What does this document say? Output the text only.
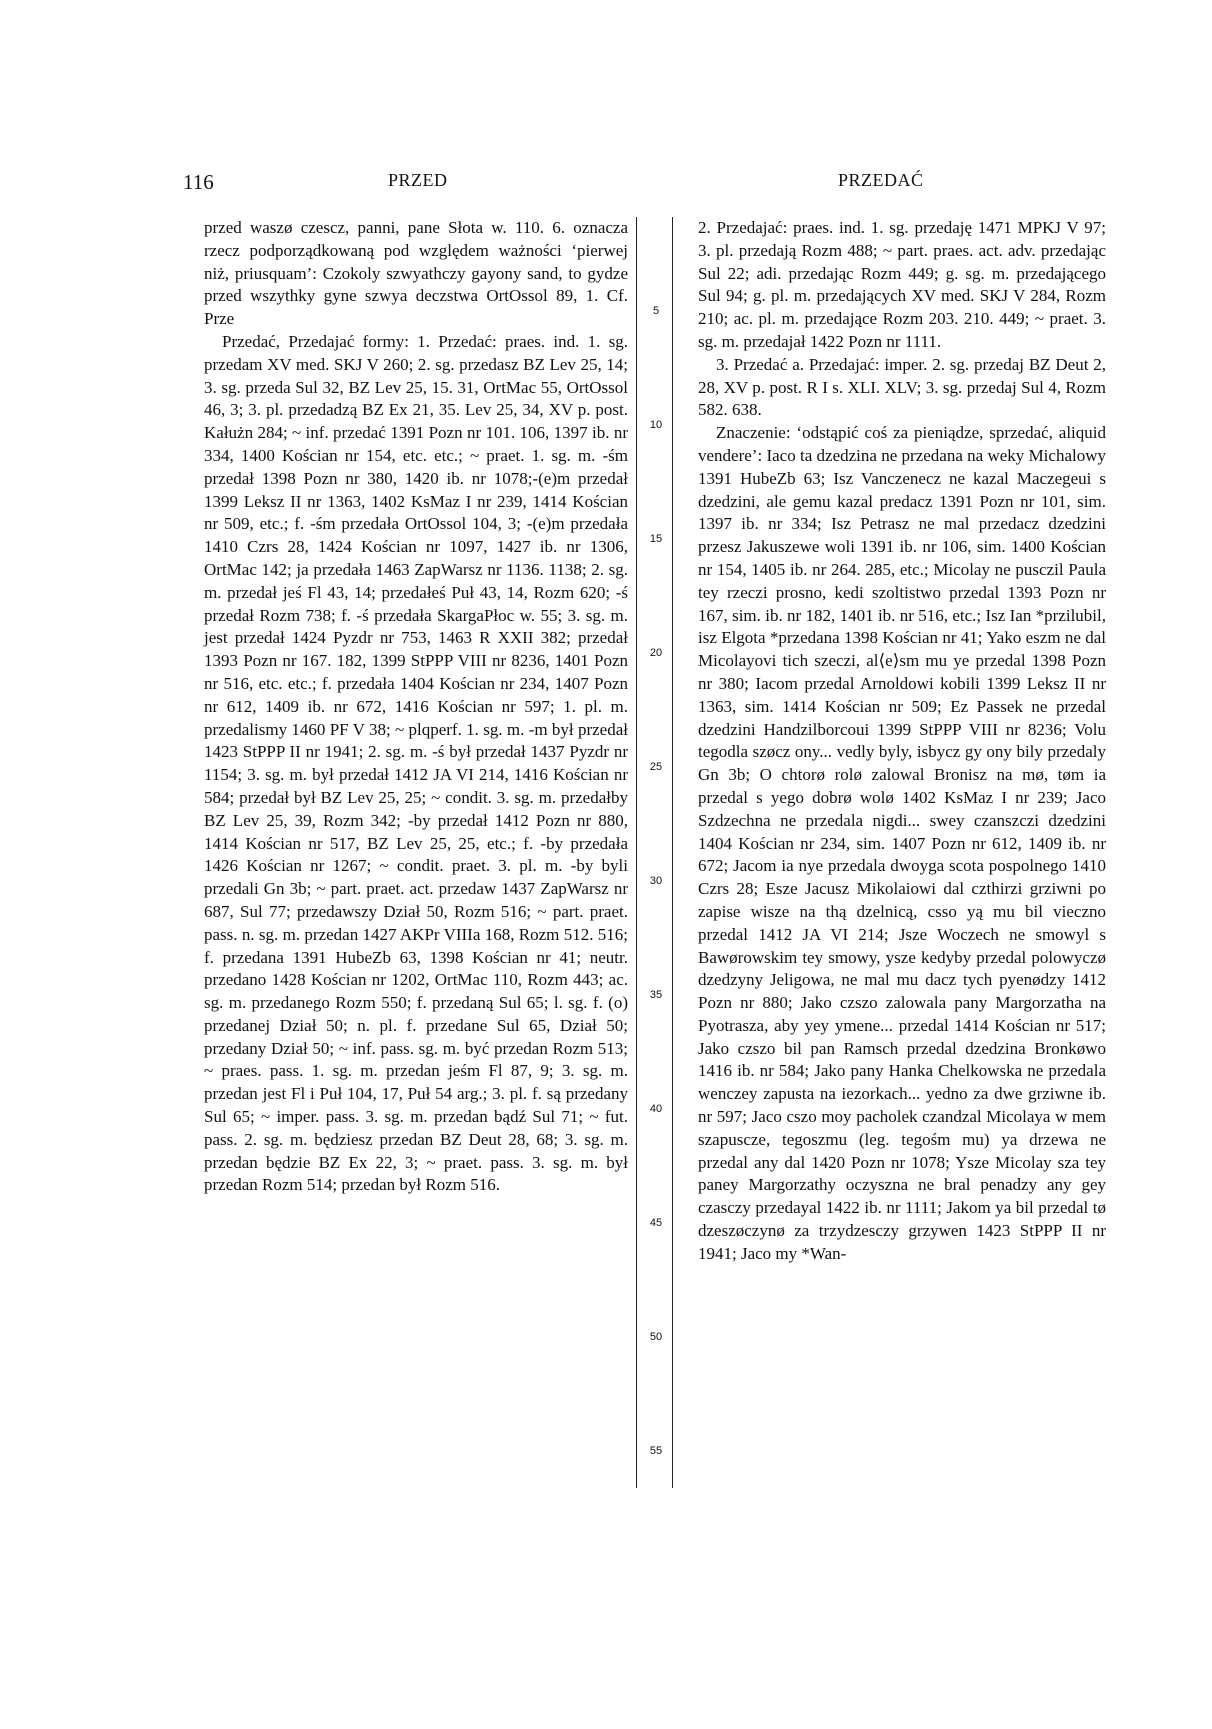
116	PRZED	PRZEDAĆ

przed waszø czescz, panni, pane Słota w. 110. 6. oznacza rzecz podporządkowaną pod względem ważności ‘pierwej niż, priusquam’: Czokoly szwyathczy gayony sand, to gydze przed wszythky gyne szwya deczstwa OrtOssol 89, 1. Cf. Prze

Przedać, Przedajać formy: 1. Przedać: praes. ind. 1. sg. przedam XV med. SKJ V 260; 2. sg. przedasz BZ Lev 25, 14; 3. sg. przeda Sul 32, BZ Lev 25, 15. 31, OrtMac 55, OrtOssol 46, 3; 3. pl. przedadzą BZ Ex 21, 35. Lev 25, 34, XV p. post. Kałużn 284; ~ inf. przedać 1391 Pozn nr 101. 106, 1397 ib. nr 334, 1400 Kościan nr 154, etc. etc.; ~ praet. 1. sg. m. -śm przedał 1398 Pozn nr 380, 1420 ib. nr 1078;-(e)m przedał 1399 Leksz II nr 1363, 1402 KsMaz I nr 239, 1414 Kościan nr 509, etc.; f. -śm przedała OrtOssol 104, 3; -(e)m przedała 1410 Czrs 28, 1424 Kościan nr 1097, 1427 ib. nr 1306, OrtMac 142; ja przedała 1463 ZapWarsz nr 1136. 1138; 2. sg. m. przedał jeś Fl 43, 14; przedałeś Puł 43, 14, Rozm 620; -ś przedał Rozm 738; f. -ś przedała SkargaPłoc w. 55; 3. sg. m. jest przedał 1424 Pyzdr nr 753, 1463 R XXII 382; przedał 1393 Pozn nr 167. 182, 1399 StPPP VIII nr 8236, 1401 Pozn nr 516, etc. etc.; f. przedała 1404 Kościan nr 234, 1407 Pozn nr 612, 1409 ib. nr 672, 1416 Kościan nr 597; 1. pl. m. przedalismy 1460 PF V 38; ~ plqperf. 1. sg. m. -m był przedał 1423 StPPP II nr 1941; 2. sg. m. -ś był przedał 1437 Pyzdr nr 1154; 3. sg. m. był przedał 1412 JA VI 214, 1416 Kościan nr 584; przedał był BZ Lev 25, 25; ~ condit. 3. sg. m. przedałby BZ Lev 25, 39, Rozm 342; -by przedał 1412 Pozn nr 880, 1414 Kościan nr 517, BZ Lev 25, 25, etc.; f. -by przedała 1426 Kościan nr 1267; ~ condit. praet. 3. pl. m. -by byli przedali Gn 3b; ~ part. praet. act. przedaw 1437 ZapWarsz nr 687, Sul 77; przedawszy Dział 50, Rozm 516; ~ part. praet. pass. n. sg. m. przedan 1427 AKPr VIIIa 168, Rozm 512. 516; f. przedana 1391 HubeZb 63, 1398 Kościan nr 41; neutr. przedano 1428 Kościan nr 1202, OrtMac 110, Rozm 443; ac. sg. m. przedanego Rozm 550; f. przedaną Sul 65; l. sg. f. (o) przedanej Dział 50; n. pl. f. przedane Sul 65, Dział 50; przedany Dział 50; ~ inf. pass. sg. m. być przedan Rozm 513; ~ praes. pass. 1. sg. m. przedan jeśm Fl 87, 9; 3. sg. m. przedan jest Fl i Puł 104, 17, Puł 54 arg.; 3. pl. f. są przedany Sul 65; ~ imper. pass. 3. sg. m. przedan bądź Sul 71; ~ fut. pass. 2. sg. m. będziesz przedan BZ Deut 28, 68; 3. sg. m. przedan będzie BZ Ex 22, 3; ~ praet. pass. 3. sg. m. był przedan Rozm 514; przedan był Rozm 516.

5
10
15
20
25
30
35
40
45
50
55

2. Przedajać: praes. ind. 1. sg. przedaję 1471 MPKJ V 97; 3. pl. przedają Rozm 488; ~ part. praes. act. adv. przedając Sul 22; adi. przedając Rozm 449; g. sg. m. przedającego Sul 94; g. pl. m. przedających XV med. SKJ V 284, Rozm 210; ac. pl. m. przedające Rozm 203. 210. 449; ~ praet. 3. sg. m. przedajał 1422 Pozn nr 1111.

3. Przedać a. Przedajać: imper. 2. sg. przedaj BZ Deut 2, 28, XV p. post. R I s. XLI. XLV; 3. sg. przedaj Sul 4, Rozm 582. 638.

Znaczenie: ‘odstąpić coś za pieniądze, sprzedać, aliquid vendere’: Iaco ta dzedzina ne przedana na weky Michalowy 1391 HubeZb 63; Isz Vanczenecz ne kazal Maczegeui s dzedzini, ale gemu kazal predacz 1391 Pozn nr 101, sim. 1397 ib. nr 334; Isz Petrasz ne mal przedacz dzedzini przesz Jakuszewe woli 1391 ib. nr 106, sim. 1400 Kościan nr 154, 1405 ib. nr 264. 285, etc.; Micolay ne pusczil Paula tey rzeczi prosno, kedi szoltistwo przedal 1393 Pozn nr 167, sim. ib. nr 182, 1401 ib. nr 516, etc.; Isz Ian *przilubil, isz Elgota *przedana 1398 Kościan nr 41; Yako eszm ne dal Micolayovi tich szeczi, al⟨e⟩sm mu ye przedal 1398 Pozn nr 380; Iacom przedal Arnoldowi kobili 1399 Leksz II nr 1363, sim. 1414 Kościan nr 509; Ez Passek ne przedal dzedzini Handzilborcoui 1399 StPPP VIII nr 8236; Volu tegodla szøcz ony... vedly byly, isbycz gy ony bily przedaly Gn 3b; O chtorø rolø zalowal Bronisz na mø, tøm ia przedal s yego dobrø wolø 1402 KsMaz I nr 239; Jaco Szdzechna ne przedala nigdi... swey czanszczi dzedzini 1404 Kościan nr 234, sim. 1407 Pozn nr 612, 1409 ib. nr 672; Jacom ia nye przedala dwoyga scota pospolnego 1410 Czrs 28; Esze Jacusz Mikolaiowi dal czthirzi grziwni po zapise wisze na thą dzelnicą, csso yą mu bil vieczno przedal 1412 JA VI 214; Jsze Woczech ne smowyl s Bawørowskim tey smowy, ysze kedyby przedal polowyczø dzedzyny Jeligowa, ne mal mu dacz tych pyenødzy 1412 Pozn nr 880; Jako czszo zalowala pany Margorzatha na Pyotrasza, aby yey ymene... przedal 1414 Kościan nr 517; Jako czszo bil pan Ramsch przedal dzedzina Bronkøwo 1416 ib. nr 584; Jako pany Hanka Chelkowska ne przedala wenczey zapusta na iezorkach... yedno za dwe grziwne ib. nr 597; Jaco cszo moy pacholek czandzal Micolaya w mem szapuscze, tegoszmu (leg. tegośm mu) ya drzewa ne przedal any dal 1420 Pozn nr 1078; Ysze Micolay sza tey paney Margorzathy oczyszna ne bral penadzy any gey czasczy przedayal 1422 ib. nr 1111; Jakom ya bil przedal tø dzeszøczynø za trzydzesczy grzywen 1423 StPPP II nr 1941; Jaco my *Wan-
